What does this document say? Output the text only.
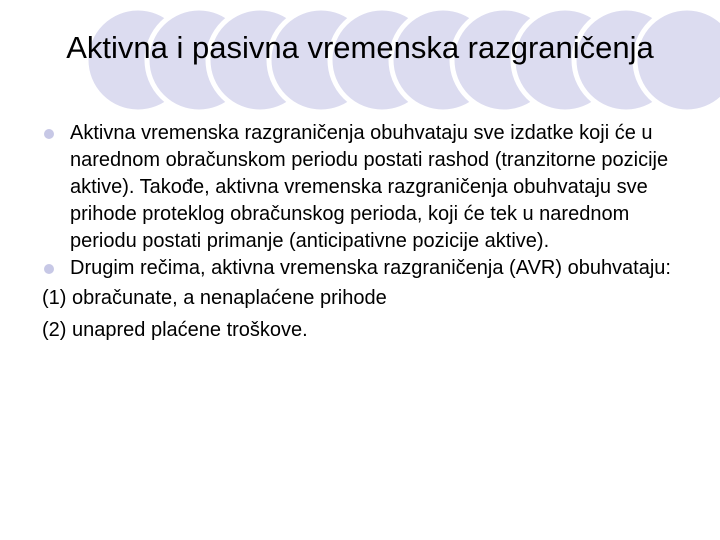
Aktivna i pasivna vremenska razgraničenja
Aktivna vremenska razgraničenja obuhvataju sve izdatke koji će u narednom obračunskom periodu postati rashod (tranzitorne pozicije aktive). Takođe, aktivna vremenska razgraničenja obuhvataju sve prihode proteklog obračunskog perioda, koji će tek u narednom periodu postati primanje (anticipativne pozicije aktive).
Drugim rečima, aktivna vremenska razgraničenja (AVR) obuhvataju:
(1) obračunate, a nenaplaćene prihode
(2) unapred plaćene troškove.
